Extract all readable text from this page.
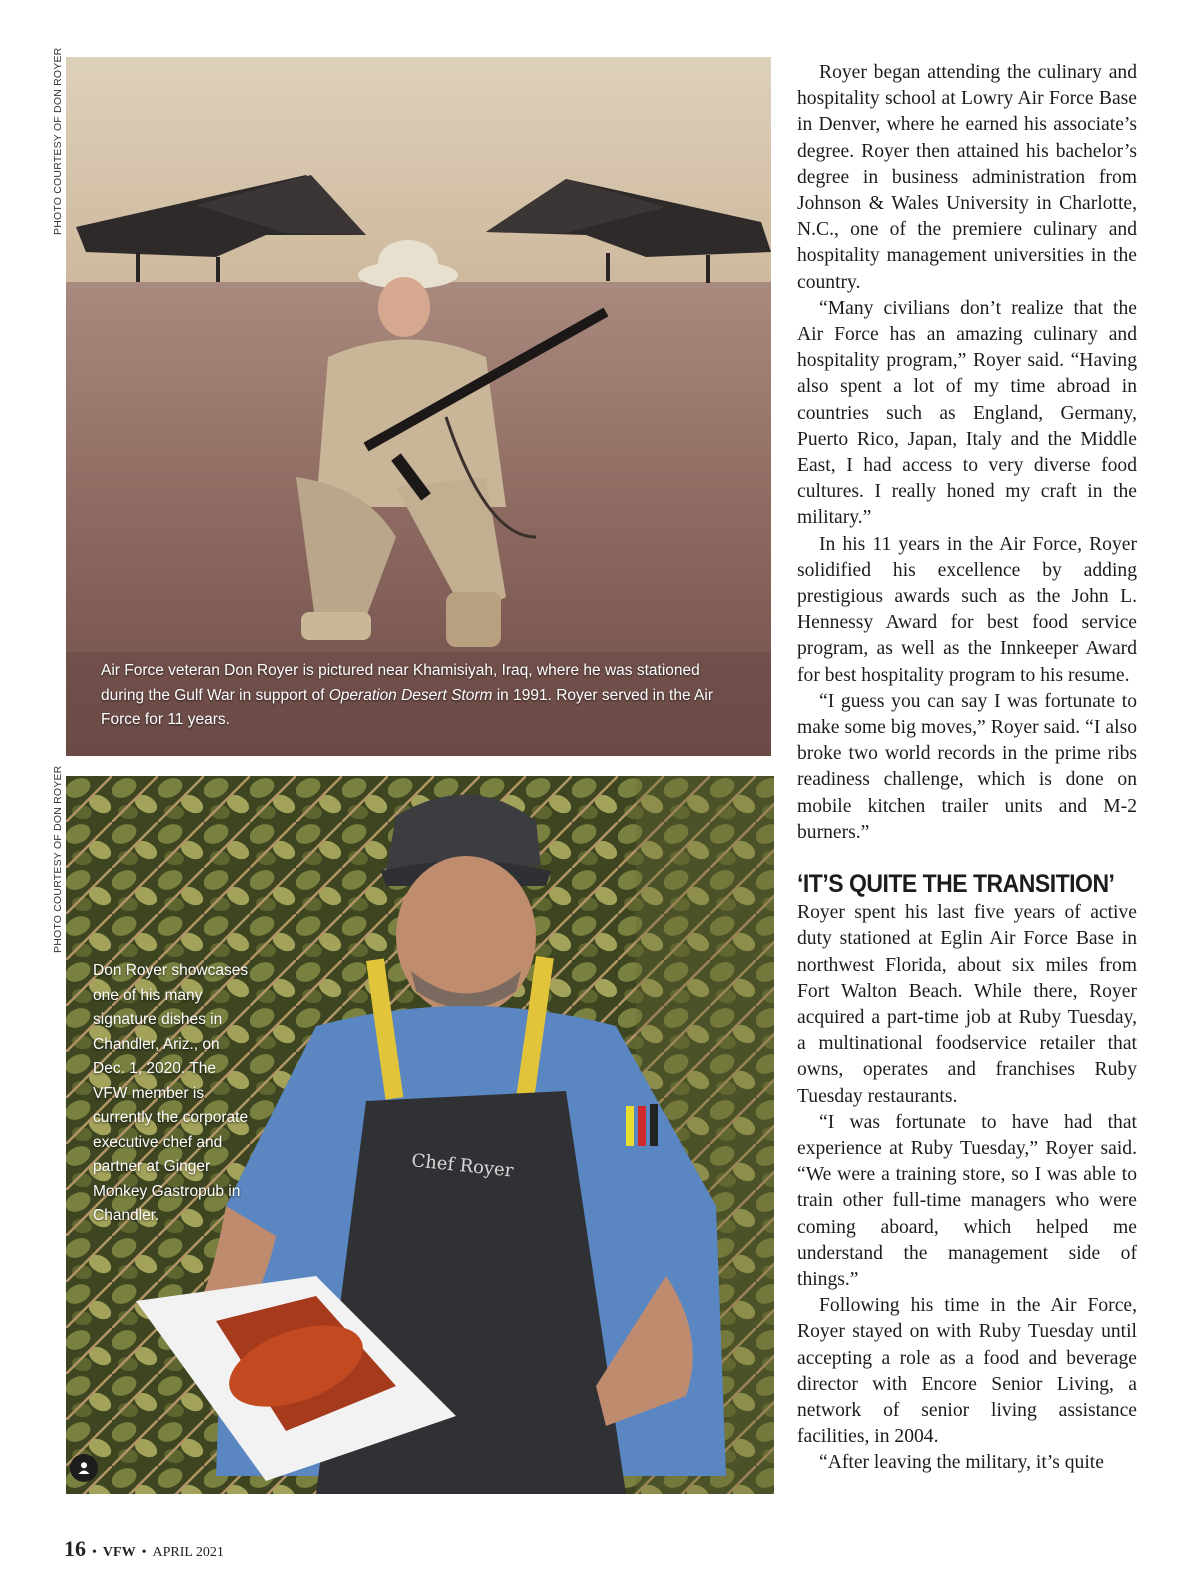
PHOTO COURTESY OF DON ROYER
PHOTO COURTESY OF DON ROYER
Air Force veteran Don Royer is pictured near Khamisiyah, Iraq, where he was stationed during the Gulf War in support of Operation Desert Storm in 1991. Royer served in the Air Force for 11 years.
Chef Royer
Don Royer showcases one of his many signature dishes in Chandler, Ariz., on Dec. 1, 2020. The VFW member is currently the corporate executive chef and partner at Ginger Monkey Gastropub in Chandler.

Royer began attending the culinary and hospitality school at Lowry Air Force Base in Denver, where he earned his associate’s degree. Royer then attained his bachelor’s degree in business administration from Johnson & Wales University in Charlotte, N.C., one of the premiere culinary and hospitality management universities in the country.

“Many civilians don’t realize that the Air Force has an amazing culinary and hospitality program,” Royer said. “Having also spent a lot of my time abroad in countries such as England, Germany, Puerto Rico, Japan, Italy and the Middle East, I had access to very diverse food cultures. I really honed my craft in the military.”

In his 11 years in the Air Force, Royer solidified his excellence by adding prestigious awards such as the John L. Hennessy Award for best food service program, as well as the Innkeeper Award for best hospitality program to his resume.

“I guess you can say I was fortunate to make some big moves,” Royer said. “I also broke two world records in the prime ribs readiness challenge, which is done on mobile kitchen trailer units and M-2 burners.”

‘IT’S QUITE THE TRANSITION’

Royer spent his last five years of active duty stationed at Eglin Air Force Base in northwest Florida, about six miles from Fort Walton Beach. While there, Royer acquired a part-time job at Ruby Tuesday, a multinational foodservice retailer that owns, operates and franchises Ruby Tuesday restaurants.

“I was fortunate to have had that experience at Ruby Tuesday,” Royer said. “We were a training store, so I was able to train other full-time managers who were coming aboard, which helped me understand the management side of things.”

Following his time in the Air Force, Royer stayed on with Ruby Tuesday until accepting a role as a food and beverage director with Encore Senior Living, a network of senior living assistance facilities, in 2004.

“After leaving the military, it’s quite

16 • VFW • APRIL 2021
